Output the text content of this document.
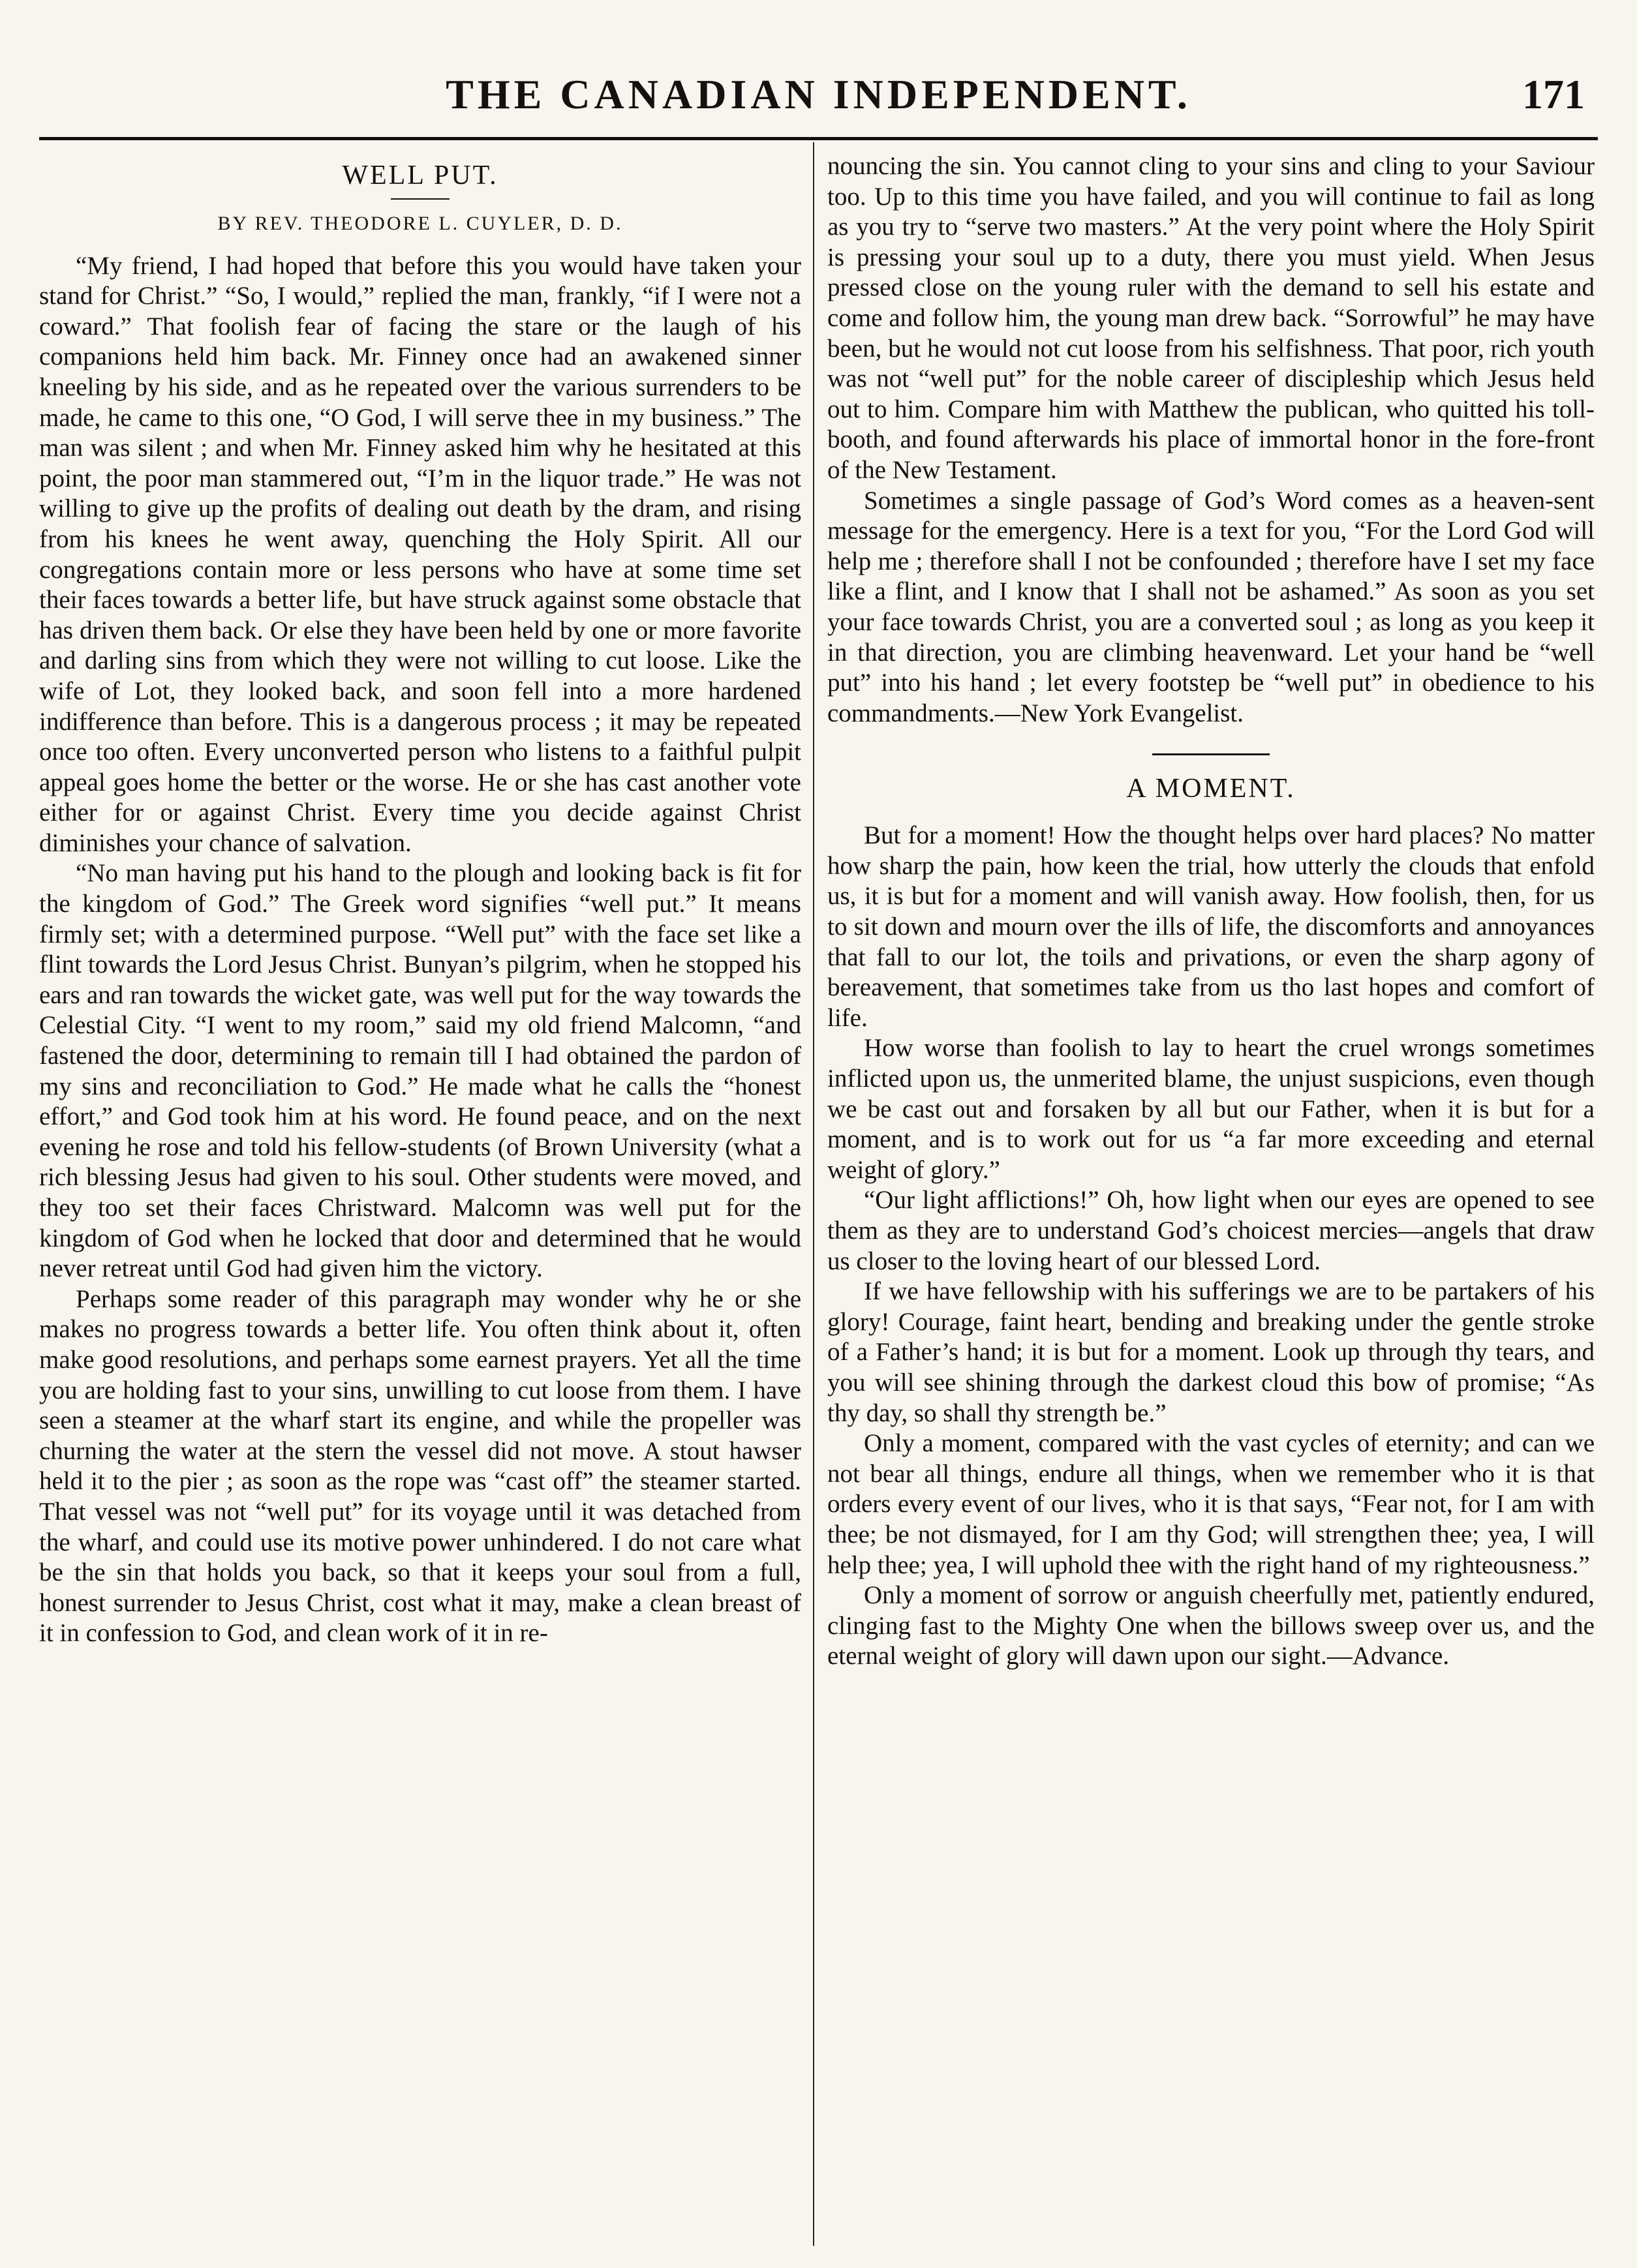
THE CANADIAN INDEPENDENT.	171
WELL PUT.
BY REV. THEODORE L. CUYLER, D. D.

“My friend, I had hoped that before this you would have taken your stand for Christ.” “So, I would,” replied the man, frankly, “if I were not a coward.” That foolish fear of facing the stare or the laugh of his companions held him back. Mr. Finney once had an awakened sinner kneeling by his side, and as he repeated over the various surrenders to be made, he came to this one, “O God, I will serve thee in my business.” The man was silent ; and when Mr. Finney asked him why he hesitated at this point, the poor man stammered out, “I’m in the liquor trade.” He was not willing to give up the profits of dealing out death by the dram, and rising from his knees he went away, quenching the Holy Spirit. All our congregations contain more or less persons who have at some time set their faces towards a better life, but have struck against some obstacle that has driven them back. Or else they have been held by one or more favorite and darling sins from which they were not willing to cut loose. Like the wife of Lot, they looked back, and soon fell into a more hardened indifference than before. This is a dangerous process ; it may be repeated once too often. Every unconverted person who listens to a faithful pulpit appeal goes home the better or the worse. He or she has cast another vote either for or against Christ. Every time you decide against Christ diminishes your chance of salvation.

“No man having put his hand to the plough and looking back is fit for the kingdom of God.” The Greek word signifies “well put.” It means firmly set; with a determined purpose. “Well put” with the face set like a flint towards the Lord Jesus Christ. Bunyan’s pilgrim, when he stopped his ears and ran towards the wicket gate, was well put for the way towards the Celestial City. “I went to my room,” said my old friend Malcomn, “and fastened the door, determining to remain till I had obtained the pardon of my sins and reconciliation to God.” He made what he calls the “honest effort,” and God took him at his word. He found peace, and on the next evening he rose and told his fellow-students (of Brown University (what a rich blessing Jesus had given to his soul. Other students were moved, and they too set their faces Christward. Malcomn was well put for the kingdom of God when he locked that door and determined that he would never retreat until God had given him the victory.

Perhaps some reader of this paragraph may wonder why he or she makes no progress towards a better life. You often think about it, often make good resolutions, and perhaps some earnest prayers. Yet all the time you are holding fast to your sins, unwilling to cut loose from them. I have seen a steamer at the wharf start its engine, and while the propeller was churning the water at the stern the vessel did not move. A stout hawser held it to the pier ; as soon as the rope was “cast off” the steamer started. That vessel was not “well put” for its voyage until it was detached from the wharf, and could use its motive power unhindered. I do not care what be the sin that holds you back, so that it keeps your soul from a full, honest surrender to Jesus Christ, cost what it may, make a clean breast of it in confession to God, and clean work of it in re-

nouncing the sin. You cannot cling to your sins and cling to your Saviour too. Up to this time you have failed, and you will continue to fail as long as you try to “serve two masters.” At the very point where the Holy Spirit is pressing your soul up to a duty, there you must yield. When Jesus pressed close on the young ruler with the demand to sell his estate and come and follow him, the young man drew back. “Sorrowful” he may have been, but he would not cut loose from his selfishness. That poor, rich youth was not “well put” for the noble career of discipleship which Jesus held out to him. Compare him with Matthew the publican, who quitted his toll-booth, and found afterwards his place of immortal honor in the fore-front of the New Testament.

Sometimes a single passage of God’s Word comes as a heaven-sent message for the emergency. Here is a text for you, “For the Lord God will help me ; therefore shall I not be confounded ; therefore have I set my face like a flint, and I know that I shall not be ashamed.” As soon as you set your face towards Christ, you are a converted soul ; as long as you keep it in that direction, you are climbing heavenward. Let your hand be “well put” into his hand ; let every footstep be “well put” in obedience to his commandments.—New York Evangelist.

A MOMENT.

But for a moment! How the thought helps over hard places? No matter how sharp the pain, how keen the trial, how utterly the clouds that enfold us, it is but for a moment and will vanish away. How foolish, then, for us to sit down and mourn over the ills of life, the discomforts and annoyances that fall to our lot, the toils and privations, or even the sharp agony of bereavement, that sometimes take from us tho last hopes and comfort of life.

How worse than foolish to lay to heart the cruel wrongs sometimes inflicted upon us, the unmerited blame, the unjust suspicions, even though we be cast out and forsaken by all but our Father, when it is but for a moment, and is to work out for us “a far more exceeding and eternal weight of glory.”

“Our light afflictions!” Oh, how light when our eyes are opened to see them as they are to understand God’s choicest mercies—angels that draw us closer to the loving heart of our blessed Lord.

If we have fellowship with his sufferings we are to be partakers of his glory! Courage, faint heart, bending and breaking under the gentle stroke of a Father’s hand; it is but for a moment. Look up through thy tears, and you will see shining through the darkest cloud this bow of promise; “As thy day, so shall thy strength be.”

Only a moment, compared with the vast cycles of eternity; and can we not bear all things, endure all things, when we remember who it is that orders every event of our lives, who it is that says, “Fear not, for I am with thee; be not dismayed, for I am thy God; will strengthen thee; yea, I will help thee; yea, I will uphold thee with the right hand of my righteousness.”

Only a moment of sorrow or anguish cheerfully met, patiently endured, clinging fast to the Mighty One when the billows sweep over us, and the eternal weight of glory will dawn upon our sight.—Advance.
